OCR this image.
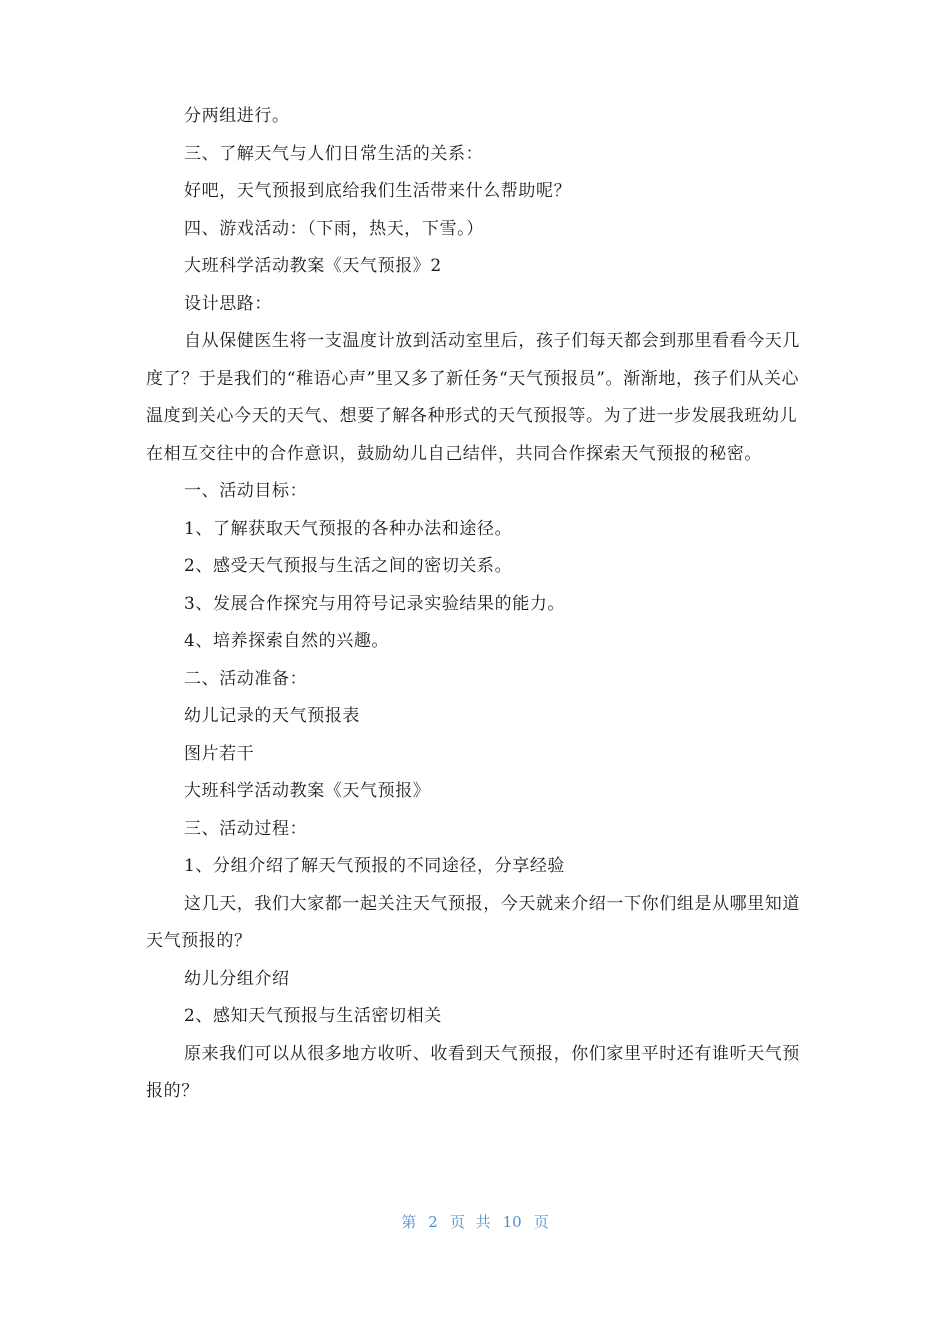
分两组进行。

三、了解天气与人们日常生活的关系：

好吧，天气预报到底给我们生活带来什么帮助呢？

四、游戏活动：（下雨，热天，下雪。）

大班科学活动教案《天气预报》2

设计思路：

自从保健医生将一支温度计放到活动室里后，孩子们每天都会到那里看看今天几度了？于是我们的“稚语心声”里又多了新任务“天气预报员”。渐渐地，孩子们从关心温度到关心今天的天气、想要了解各种形式的天气预报等。为了进一步发展我班幼儿在相互交往中的合作意识，鼓励幼儿自己结伴，共同合作探索天气预报的秘密。

一、活动目标：

1、了解获取天气预报的各种办法和途径。

2、感受天气预报与生活之间的密切关系。

3、发展合作探究与用符号记录实验结果的能力。

4、培养探索自然的兴趣。

二、活动准备：

幼儿记录的天气预报表

图片若干

大班科学活动教案《天气预报》

三、活动过程：

1、分组介绍了解天气预报的不同途径，分享经验

这几天，我们大家都一起关注天气预报，今天就来介绍一下你们组是从哪里知道天气预报的？

幼儿分组介绍

2、感知天气预报与生活密切相关

原来我们可以从很多地方收听、收看到天气预报，你们家里平时还有谁听天气预报的？

第 2 页 共 10 页
